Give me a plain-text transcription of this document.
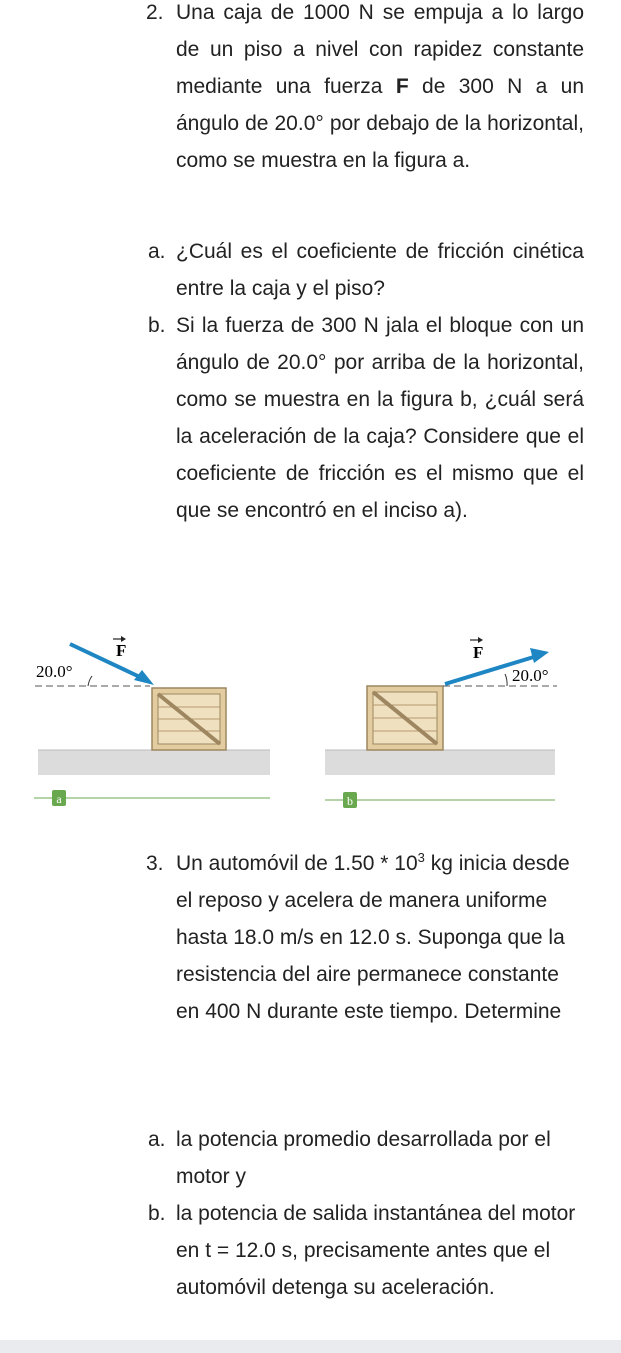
2. Una caja de 1000 N se empuja a lo largo de un piso a nivel con rapidez constante mediante una fuerza F de 300 N a un ángulo de 20.0° por debajo de la horizontal, como se muestra en la figura a.
a. ¿Cuál es el coeficiente de fricción cinética entre la caja y el piso?
b. Si la fuerza de 300 N jala el bloque con un ángulo de 20.0° por arriba de la horizontal, como se muestra en la figura b, ¿cuál será la aceleración de la caja? Considere que el coeficiente de fricción es el mismo que el que se encontró en el inciso a).
F
20.0°
a
F
20.0°
b
3. Un automóvil de $1.50 * 10^3$ kg inicia desde el reposo y acelera de manera uniforme hasta 18.0 m/s en 12.0 s. Suponga que la resistencia del aire permanece constante en 400 N durante este tiempo. Determine
a. la potencia promedio desarrollada por el motor y
b. la potencia de salida instantánea del motor en t = 12.0 s, precisamente antes que el automóvil detenga su aceleración.
